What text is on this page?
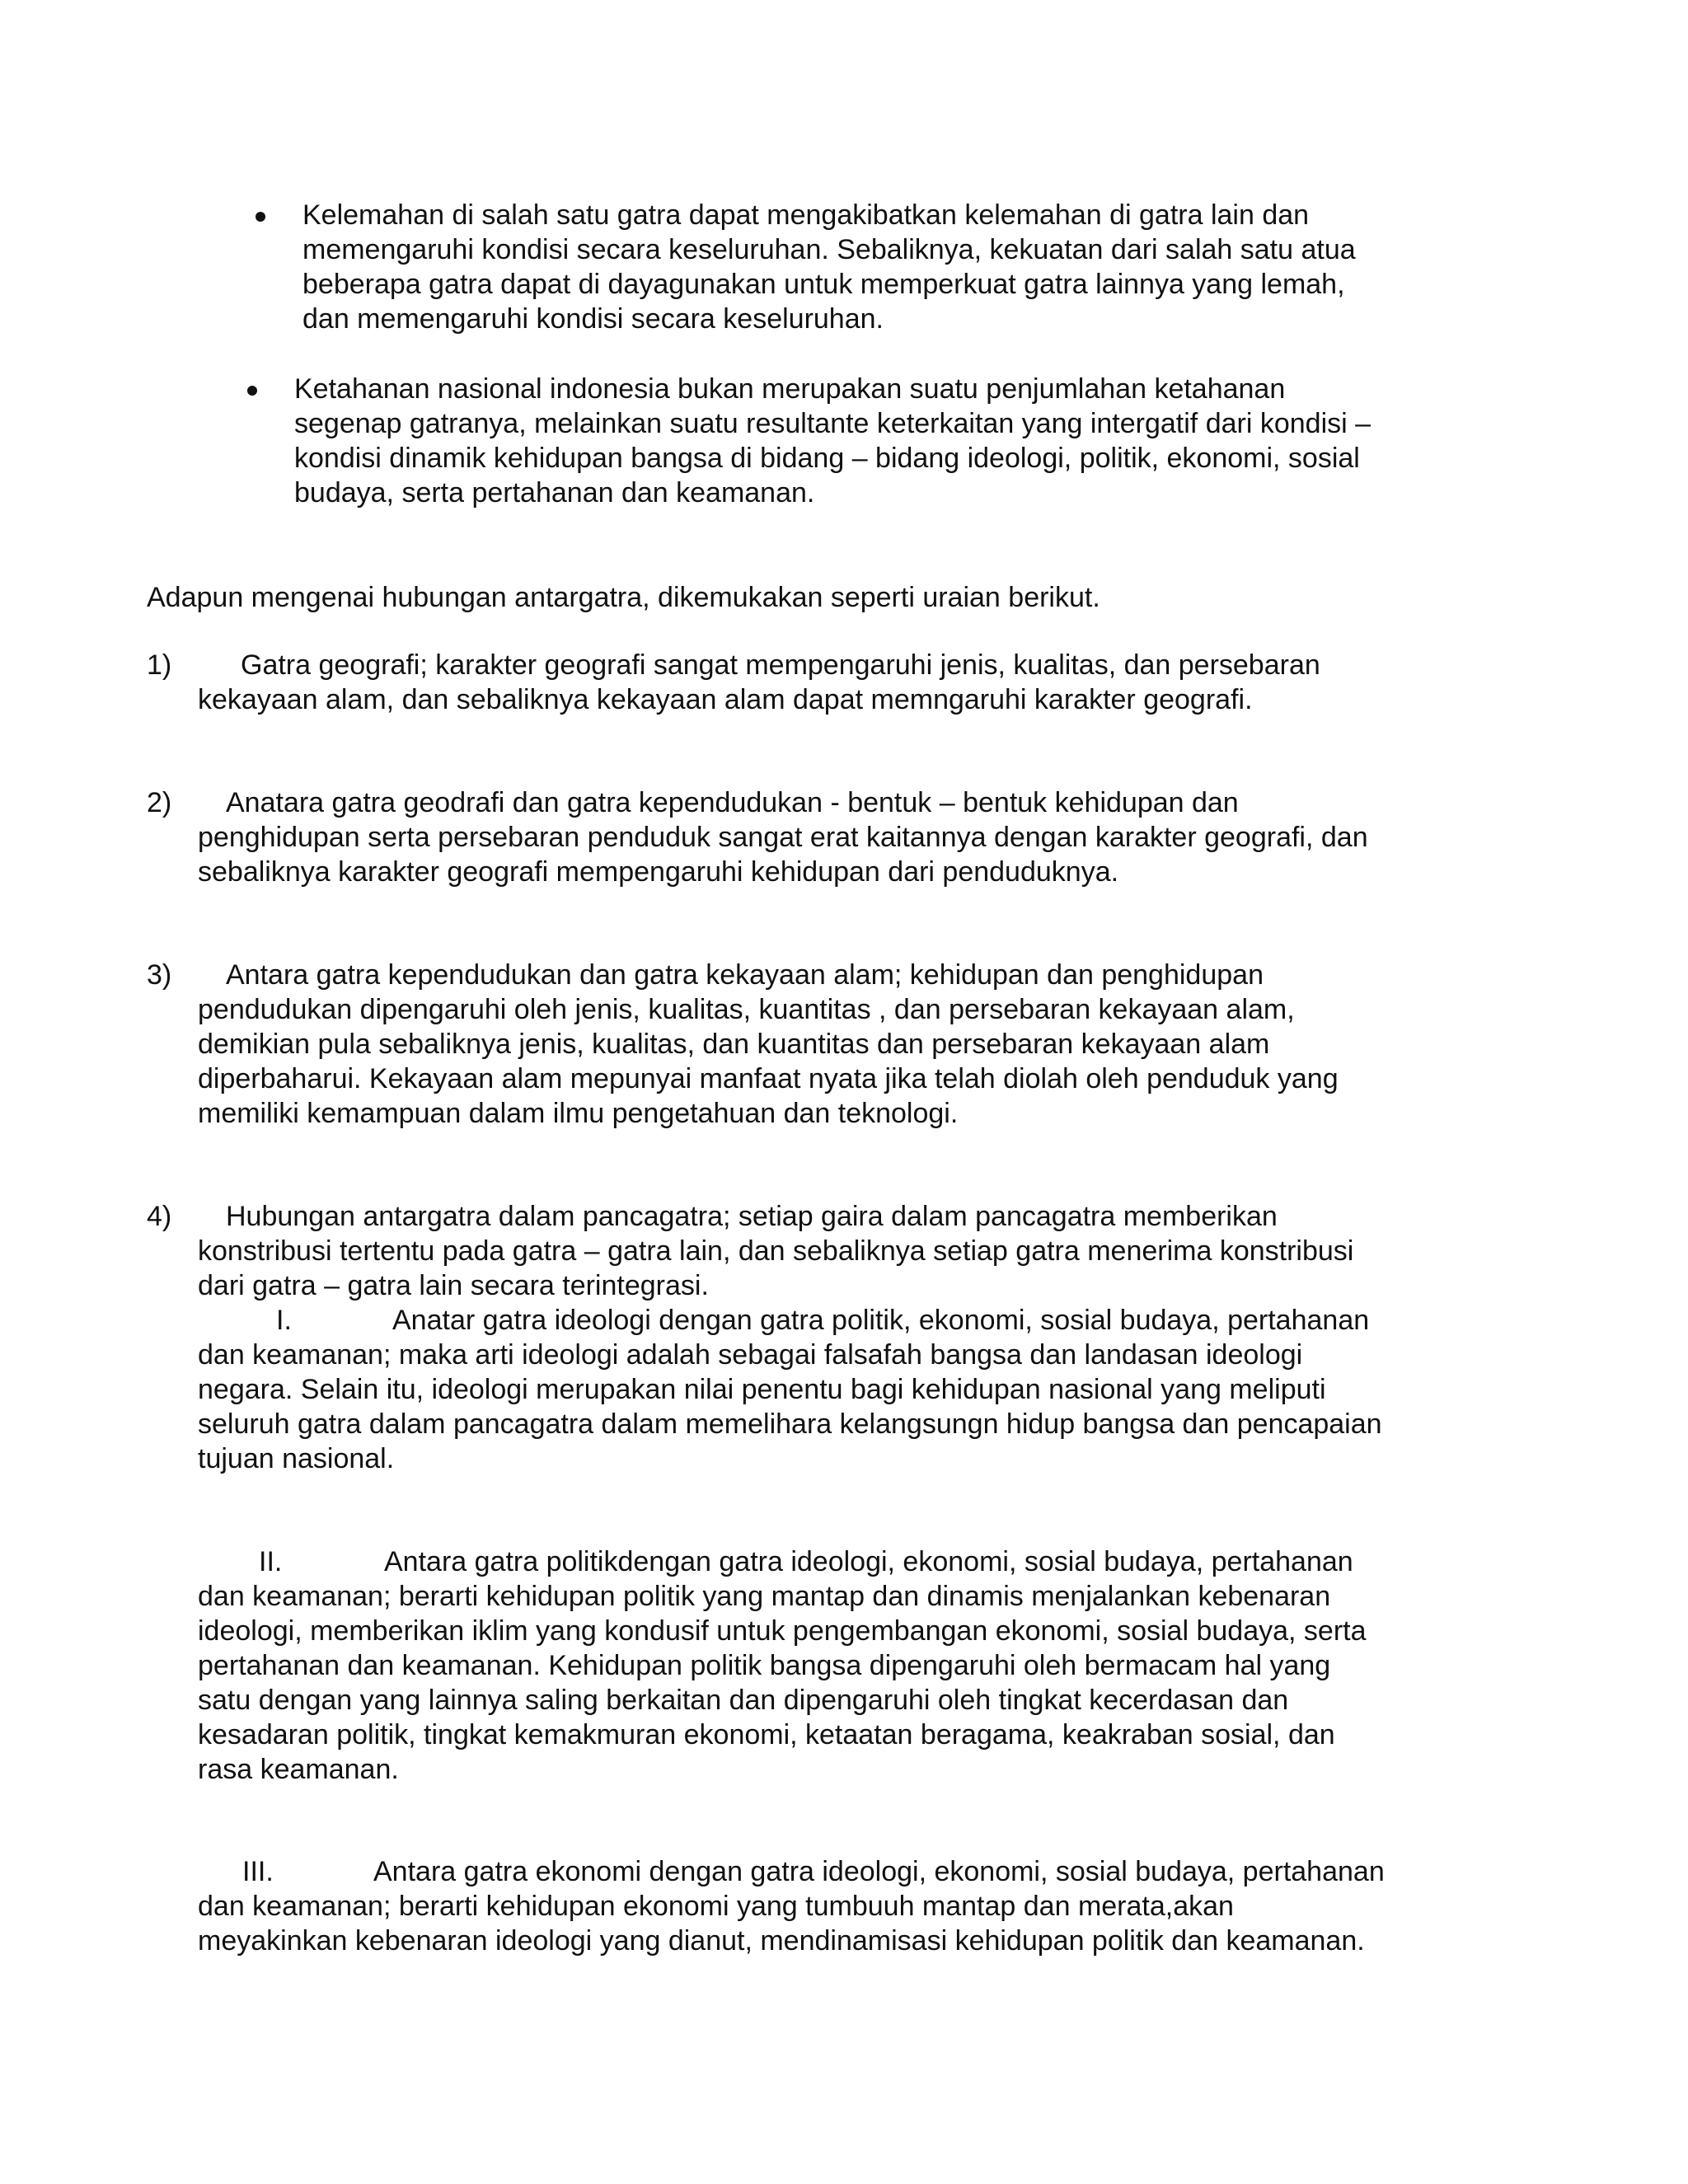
Kelemahan di salah satu gatra dapat mengakibatkan kelemahan di gatra lain dan

memengaruhi kondisi secara keseluruhan. Sebaliknya, kekuatan dari salah satu atua

beberapa gatra dapat di dayagunakan untuk memperkuat gatra lainnya yang lemah,

dan memengaruhi kondisi secara keseluruhan.

Ketahanan nasional indonesia bukan merupakan suatu penjumlahan ketahanan

segenap gatranya, melainkan suatu resultante keterkaitan yang intergatif dari kondisi –

kondisi dinamik kehidupan bangsa di bidang – bidang ideologi, politik, ekonomi, sosial

budaya, serta pertahanan dan keamanan.

Adapun mengenai hubungan antargatra, dikemukakan seperti uraian berikut.

1)	Gatra geografi; karakter geografi sangat mempengaruhi jenis, kualitas, dan persebaran

kekayaan alam, dan sebaliknya kekayaan alam dapat memngaruhi karakter geografi.

2)	Anatara gatra geodrafi dan gatra kependudukan - bentuk – bentuk kehidupan dan

penghidupan serta persebaran penduduk sangat erat kaitannya dengan karakter geografi, dan

sebaliknya karakter geografi mempengaruhi kehidupan dari penduduknya.

3)	Antara gatra kependudukan dan gatra kekayaan alam; kehidupan dan penghidupan

pendudukan dipengaruhi oleh jenis, kualitas, kuantitas , dan persebaran kekayaan alam,

demikian pula sebaliknya jenis, kualitas, dan kuantitas dan persebaran kekayaan alam

diperbaharui. Kekayaan alam mepunyai manfaat nyata jika telah diolah oleh penduduk yang

memiliki kemampuan dalam ilmu pengetahuan dan teknologi.

4)	Hubungan antargatra dalam pancagatra; setiap gaira dalam pancagatra memberikan

konstribusi tertentu pada gatra – gatra lain, dan sebaliknya setiap gatra menerima konstribusi

dari gatra – gatra lain secara terintegrasi.

I.	Anatar gatra ideologi dengan gatra politik, ekonomi, sosial budaya, pertahanan

dan keamanan; maka arti ideologi adalah sebagai falsafah bangsa dan landasan ideologi

negara. Selain itu, ideologi merupakan nilai penentu bagi kehidupan nasional yang meliputi

seluruh gatra dalam pancagatra dalam memelihara kelangsungn hidup bangsa dan pencapaian

tujuan nasional.

II.	Antara gatra politikdengan gatra ideologi, ekonomi, sosial budaya, pertahanan

dan keamanan; berarti kehidupan politik yang mantap dan dinamis menjalankan kebenaran

ideologi, memberikan iklim yang kondusif untuk pengembangan ekonomi, sosial budaya, serta

pertahanan dan keamanan. Kehidupan politik bangsa dipengaruhi oleh bermacam hal yang

satu dengan yang lainnya saling berkaitan dan dipengaruhi oleh tingkat kecerdasan dan

kesadaran politik, tingkat kemakmuran ekonomi, ketaatan beragama, keakraban sosial, dan

rasa keamanan.

III.	Antara gatra ekonomi dengan gatra ideologi, ekonomi, sosial budaya, pertahanan

dan keamanan; berarti kehidupan ekonomi yang tumbuuh mantap dan merata,akan

meyakinkan kebenaran ideologi yang dianut, mendinamisasi kehidupan politik dan keamanan.
